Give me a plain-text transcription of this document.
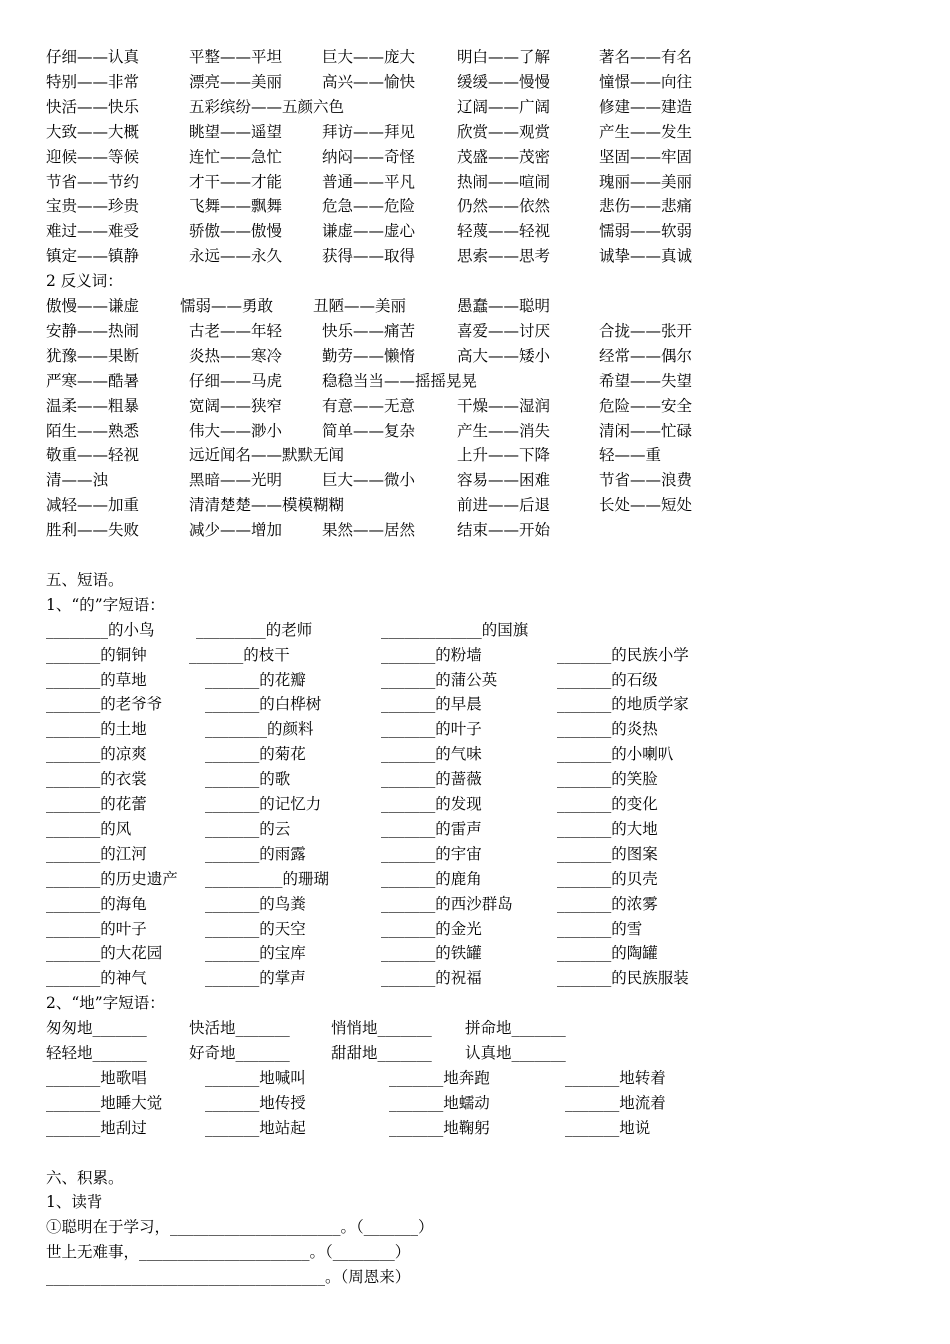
仔细——认真	平整——平坦	巨大——庞大	明白——了解	著名——有名
特别——非常	漂亮——美丽	高兴——愉快	缓缓——慢慢	憧憬——向往
快活——快乐	五彩缤纷——五颜六色	辽阔——广阔	修建——建造
大致——大概	眺望——遥望	拜访——拜见	欣赏——观赏	产生——发生
迎候——等候	连忙——急忙	纳闷——奇怪	茂盛——茂密	坚固——牢固
节省——节约	才干——才能	普通——平凡	热闹——喧闹	瑰丽——美丽
宝贵——珍贵	飞舞——飘舞	危急——危险	仍然——依然	悲伤——悲痛
难过——难受	骄傲——傲慢	谦虚——虚心	轻蔑——轻视	懦弱——软弱
镇定——镇静	永远——永久	获得——取得	思索——思考	诚挚——真诚
2 反义词：
傲慢——谦虚	懦弱——勇敢	丑陋——美丽	愚蠢——聪明
安静——热闹	古老——年轻	快乐——痛苦	喜爱——讨厌	合拢——张开
犹豫——果断	炎热——寒冷	勤劳——懒惰	高大——矮小	经常——偶尔
严寒——酷暑	仔细——马虎	稳稳当当——摇摇晃晃	希望——失望
温柔——粗暴	宽阔——狭窄	有意——无意	干燥——湿润	危险——安全
陌生——熟悉	伟大——渺小	简单——复杂	产生——消失	清闲——忙碌
敬重——轻视	远近闻名——默默无闻	上升——下降	轻——重
清——浊	黑暗——光明	巨大——微小	容易——困难	节省——浪费
减轻——加重	清清楚楚——模模糊糊	前进——后退	长处——短处
胜利——失败	减少——增加	果然——居然	结束——开始
五、短语。
1、“的”字短语：
________的小鸟	_________的老师	_____________的国旗
_______的铜钟	_______的枝干	_______的粉墙	_______的民族小学
_______的草地	_______的花瓣	_______的蒲公英	_______的石级
_______的老爷爷	_______的白桦树	_______的早晨	_______的地质学家
_______的土地	________的颜料	_______的叶子	_______的炎热
_______的凉爽	_______的菊花	_______的气味	_______的小喇叭
_______的衣裳	_______的歌	_______的蔷薇	_______的笑脸
_______的花蕾	_______的记忆力	_______的发现	_______的变化
_______的风	_______的云	_______的雷声	_______的大地
_______的江河	_______的雨露	_______的宇宙	_______的图案
_______的历史遗产 __________的珊瑚	_______的鹿角	_______的贝壳
_______的海龟	_______的鸟粪	_______的西沙群岛	_______的浓雾
_______的叶子	_______的天空	_______的金光	_______的雪
_______的大花园	_______的宝库	_______的铁罐	_______的陶罐
_______的神气	_______的掌声	_______的祝福	_______的民族服装
2、“地”字短语：
匆匆地_______	快活地_______	悄悄地_______ 拼命地_______
轻轻地_______	好奇地_______	甜甜地_______ 认真地_______
_______地歌唱	_______地喊叫	_______地奔跑	_______地转着
_______地睡大觉	_______地传授	_______地蠕动	_______地流着
_______地刮过	_______地站起	_______地鞠躬	_______地说
六、积累。
1、读背
①聪明在于学习，______________________。（_______）
世上无难事，______________________。（________）
____________________________________。（周恩来）
